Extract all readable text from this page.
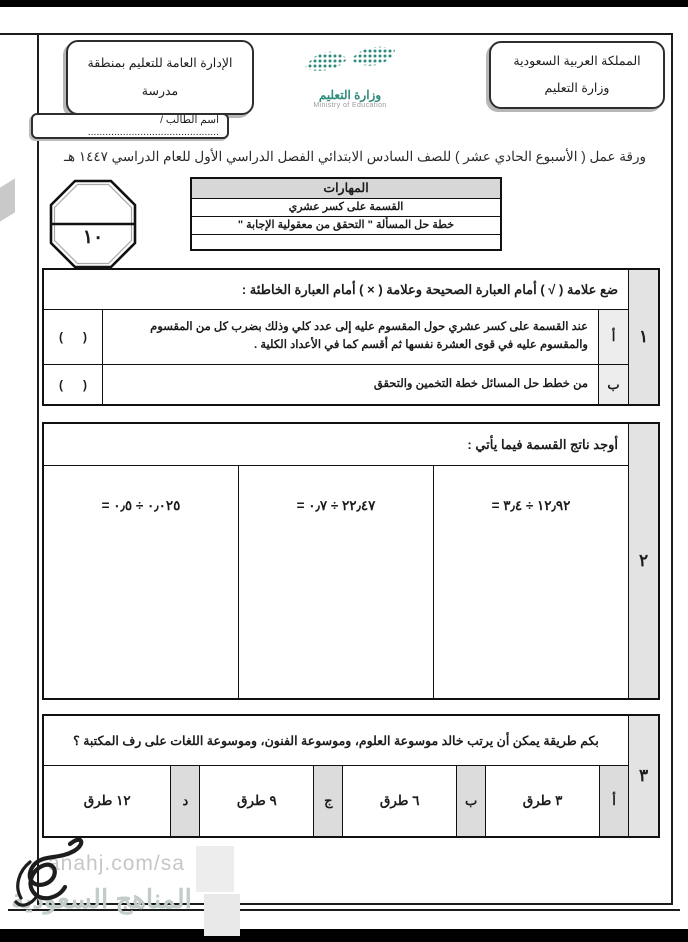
المملكة العربية السعودية
وزارة التعليم
وزارة التعليم
Ministry of Education
الإدارة العامة للتعليم بمنطقة
مدرسة
اسم الطالب / .............................................
ورقة عمل ( الأسبوع الحادي عشر ) للصف السادس الابتدائي الفصل الدراسي الأول للعام الدراسي ١٤٤٧ هـ
المهارات
القسمة على كسر عشري
خطة حل المسألة " التحقق من معقولية الإجابة "
١٠
١
ضع علامة ( √ ) أمام العبارة الصحيحة وعلامة ( × ) أمام العبارة الخاطئة :
أ
عند القسمة على كسر عشري حول المقسوم عليه إلى عدد كلي وذلك بضرب كل من المقسوم والمقسوم عليه في قوى العشرة نفسها ثم أقسم كما في الأعداد الكلية .
(      )
ب
من خطط حل المسائل خطة التخمين والتحقق
(      )
٢
أوجد ناتج القسمة فيما يأتي :
١٢٫٩٢ ÷ ٣٫٤ =
٢٢٫٤٧ ÷ ٠٫٧ =
٠٫٠٢٥ ÷ ٠٫٥ =
٣
بكم طريقة يمكن أن يرتب خالد موسوعة العلوم، وموسوعة الفنون، وموسوعة اللغات على رف المكتبة ؟
أ
٣ طرق
ب
٦ طرق
ج
٩ طرق
د
١٢ طرق
anahj.com/sa
المناهج السعودية
